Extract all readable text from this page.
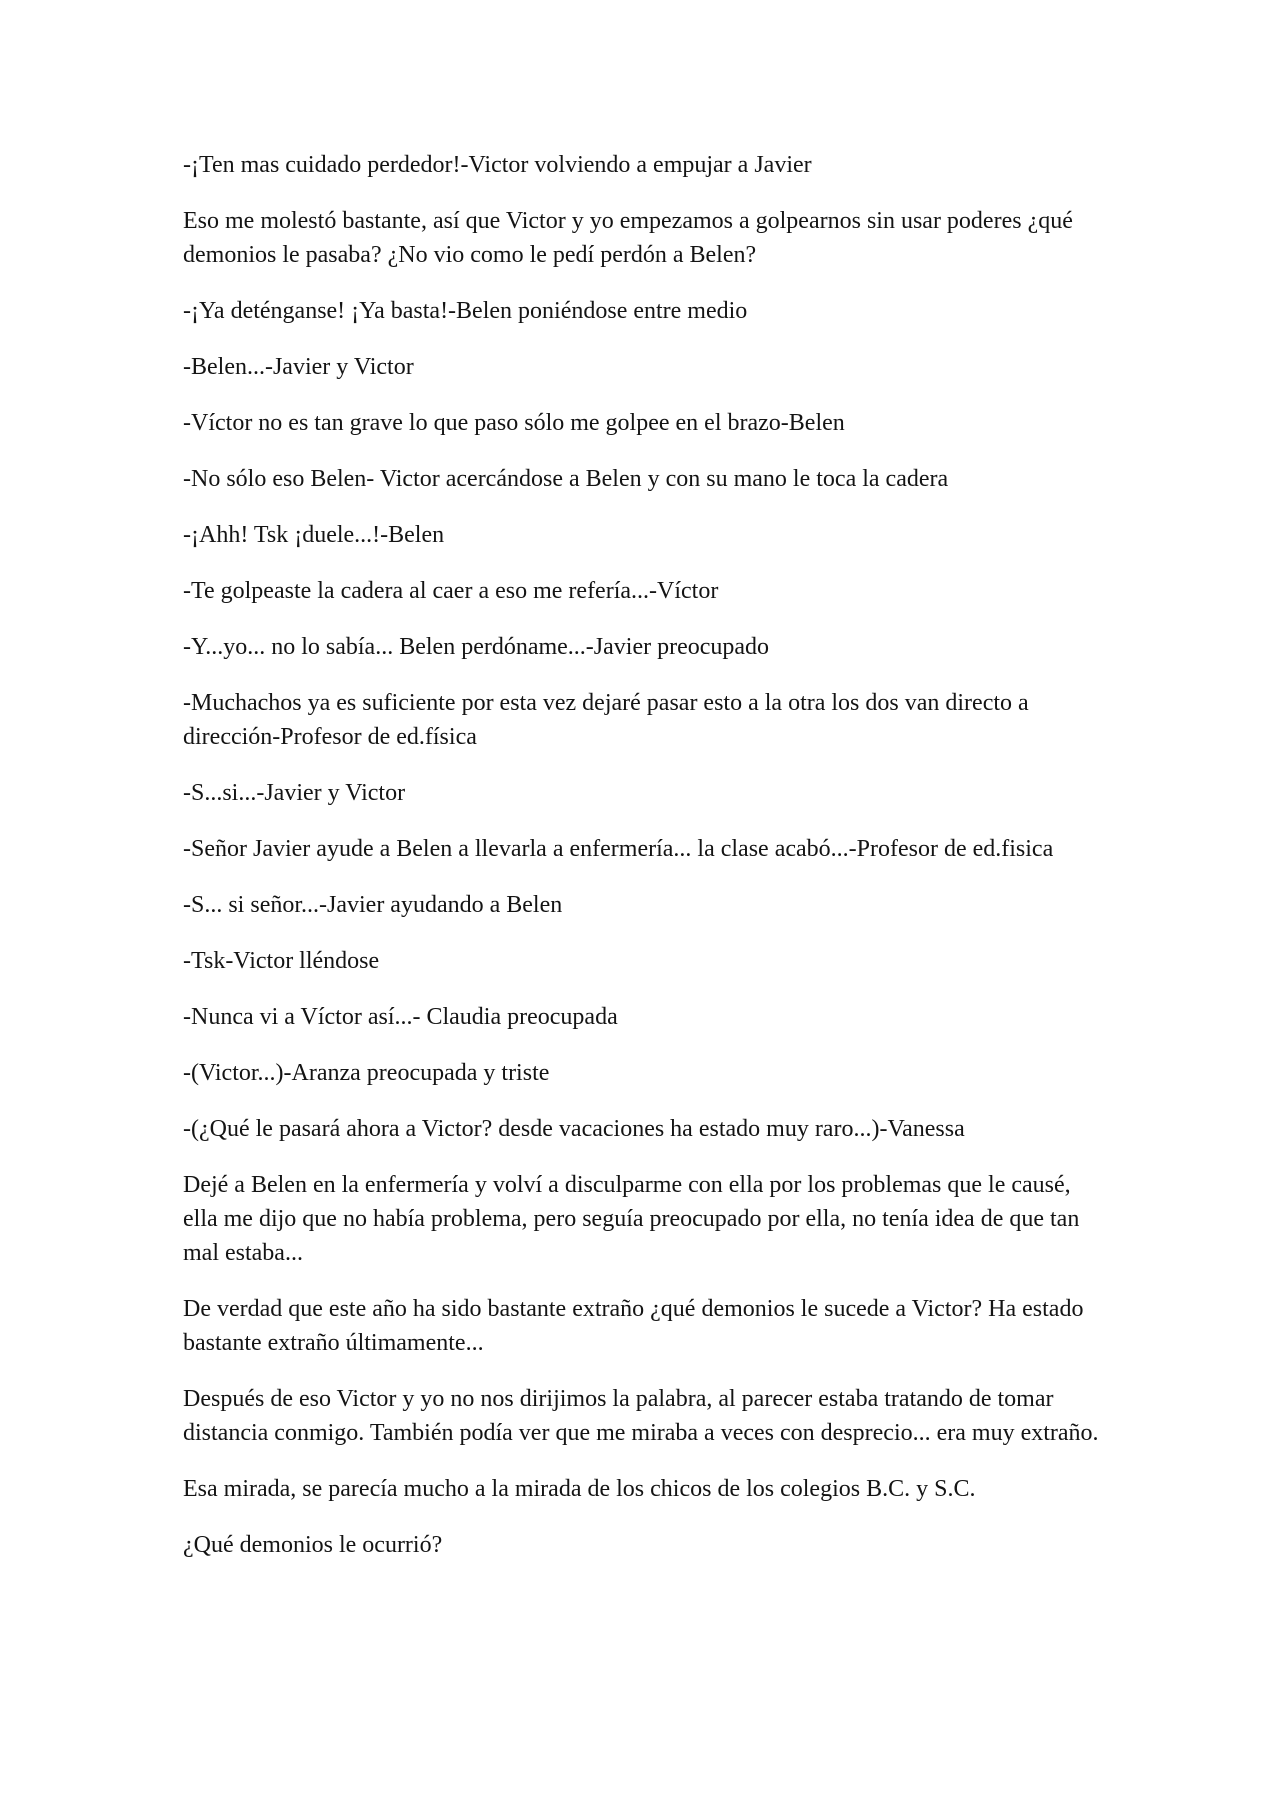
-¡Ten mas cuidado perdedor!-Victor volviendo a empujar a Javier

Eso me molestó bastante, así que Victor y yo empezamos a golpearnos sin usar poderes ¿qué demonios le pasaba? ¿No vio como le pedí perdón a Belen?

-¡Ya deténganse! ¡Ya basta!-Belen poniéndose entre medio

-Belen...-Javier y Victor

-Víctor no es tan grave lo que paso sólo me golpee en el brazo-Belen

-No sólo eso Belen- Victor acercándose a Belen y con su mano le toca la cadera

-¡Ahh! Tsk ¡duele...!-Belen

-Te golpeaste la cadera al caer a eso me refería...-Víctor

-Y...yo... no lo sabía... Belen perdóname...-Javier preocupado

-Muchachos ya es suficiente por esta vez dejaré pasar esto a la otra los dos van directo a dirección-Profesor de ed.física

-S...si...-Javier y Victor

-Señor Javier ayude a Belen a llevarla a enfermería... la clase acabó...-Profesor de ed.fisica

-S... si señor...-Javier ayudando a Belen

-Tsk-Victor lléndose

-Nunca vi a Víctor así...- Claudia preocupada

-(Victor...)-Aranza preocupada y triste

-(¿Qué le pasará ahora a Victor? desde vacaciones ha estado muy raro...)-Vanessa

Dejé a Belen en la enfermería y volví a disculparme con ella por los problemas que le causé, ella me dijo que no había problema, pero seguía preocupado por ella, no tenía idea de que tan mal estaba...

De verdad que este año ha sido bastante extraño ¿qué demonios le sucede a Victor? Ha estado bastante extraño últimamente...

Después de eso Victor y yo no nos dirijimos la palabra, al parecer estaba tratando de tomar distancia conmigo. También podía ver que me miraba a veces con desprecio... era muy extraño.

Esa mirada, se parecía mucho a la mirada de los chicos de los colegios B.C. y S.C.

¿Qué demonios le ocurrió?
